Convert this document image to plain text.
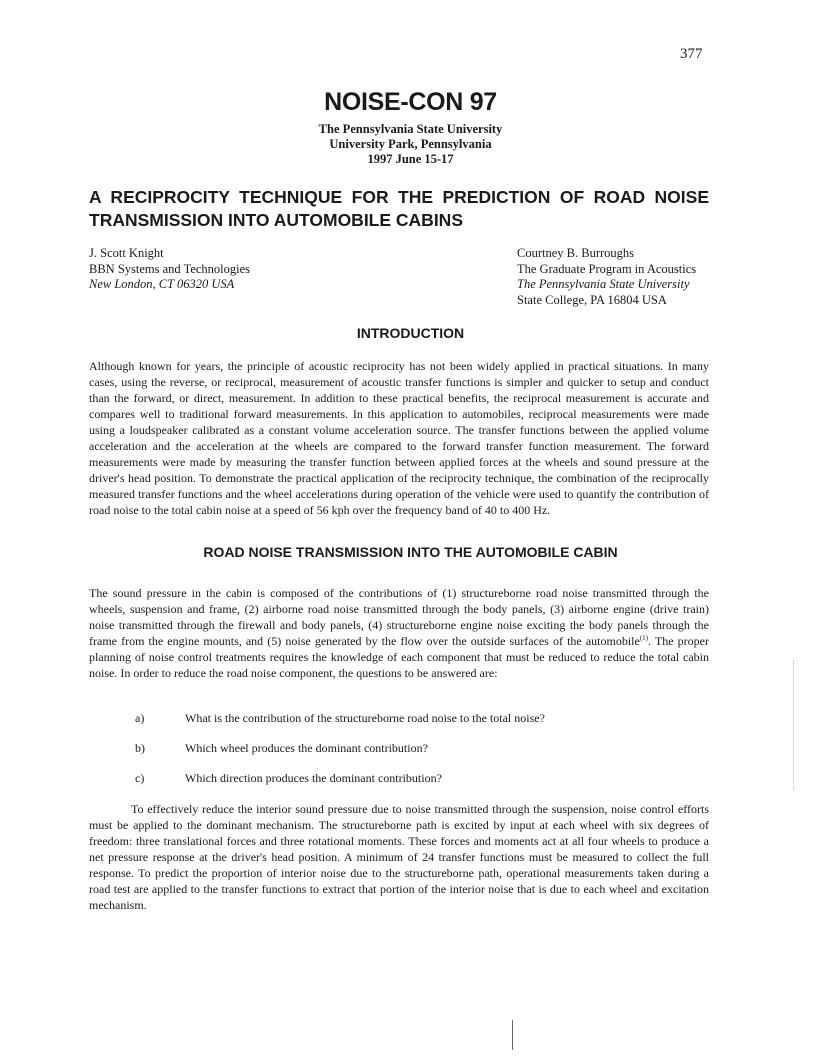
377
NOISE-CON 97
The Pennsylvania State University
University Park, Pennsylvania
1997 June 15-17
A RECIPROCITY TECHNIQUE FOR THE PREDICTION OF ROAD NOISE TRANSMISSION INTO AUTOMOBILE CABINS
J. Scott Knight
BBN Systems and Technologies
New London, CT 06320 USA
Courtney B. Burroughs
The Graduate Program in Acoustics
The Pennsylvania State University
State College, PA 16804 USA
INTRODUCTION

Although known for years, the principle of acoustic reciprocity has not been widely applied in practical situations. In many cases, using the reverse, or reciprocal, measurement of acoustic transfer functions is simpler and quicker to setup and conduct than the forward, or direct, measurement. In addition to these practical benefits, the reciprocal measurement is accurate and compares well to traditional forward measurements. In this application to automobiles, reciprocal measurements were made using a loudspeaker calibrated as a constant volume acceleration source. The transfer functions between the applied volume acceleration and the acceleration at the wheels are compared to the forward transfer function measurement. The forward measurements were made by measuring the transfer function between applied forces at the wheels and sound pressure at the driver's head position. To demonstrate the practical application of the reciprocity technique, the combination of the reciprocally measured transfer functions and the wheel accelerations during operation of the vehicle were used to quantify the contribution of road noise to the total cabin noise at a speed of 56 kph over the frequency band of 40 to 400 Hz.

ROAD NOISE TRANSMISSION INTO THE AUTOMOBILE CABIN

The sound pressure in the cabin is composed of the contributions of (1) structureborne road noise transmitted through the wheels, suspension and frame, (2) airborne road noise transmitted through the body panels, (3) airborne engine (drive train) noise transmitted through the firewall and body panels, (4) structureborne engine noise exciting the body panels through the frame from the engine mounts, and (5) noise generated by the flow over the outside surfaces of the automobile$^{(1)}$. The proper planning of noise control treatments requires the knowledge of each component that must be reduced to reduce the total cabin noise. In order to reduce the road noise component, the questions to be answered are:

a)	What is the contribution of the structureborne road noise to the total noise?
b)	Which wheel produces the dominant contribution?
c)	Which direction produces the dominant contribution?

To effectively reduce the interior sound pressure due to noise transmitted through the suspension, noise control efforts must be applied to the dominant mechanism. The structureborne path is excited by input at each wheel with six degrees of freedom: three translational forces and three rotational moments. These forces and moments act at all four wheels to produce a net pressure response at the driver's head position. A minimum of 24 transfer functions must be measured to collect the full response. To predict the proportion of interior noise due to the structureborne path, operational measurements taken during a road test are applied to the transfer functions to extract that portion of the interior noise that is due to each wheel and excitation mechanism.
